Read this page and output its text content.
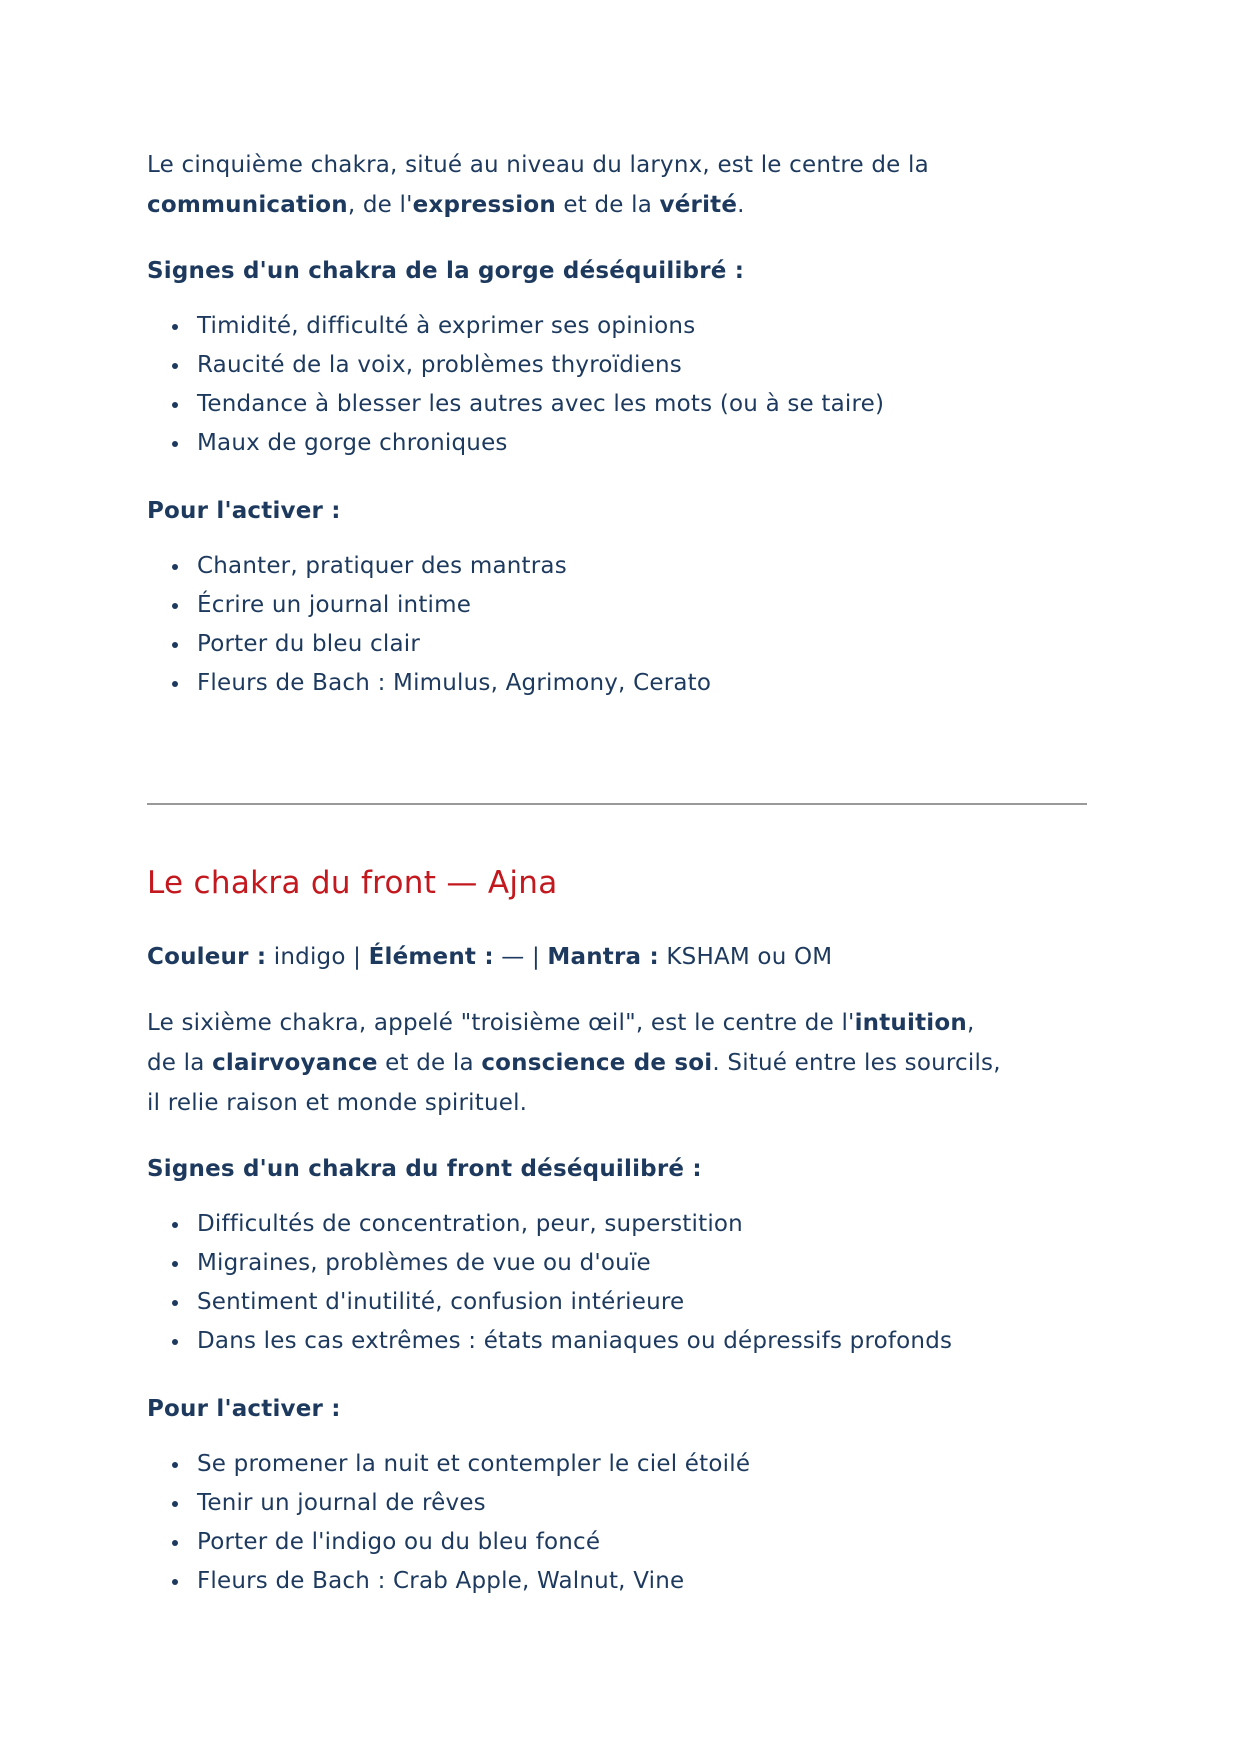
Le cinquième chakra, situé au niveau du larynx, est le centre de la
communication, de l'expression et de la vérité.

Signes d'un chakra de la gorge déséquilibré :
• Timidité, difficulté à exprimer ses opinions
• Raucité de la voix, problèmes thyroïdiens
• Tendance à blesser les autres avec les mots (ou à se taire)
• Maux de gorge chroniques
Pour l'activer :
• Chanter, pratiquer des mantras
• Écrire un journal intime
• Porter du bleu clair
• Fleurs de Bach : Mimulus, Agrimony, Cerato
Le chakra du front — Ajna

Couleur : indigo | Élément : — | Mantra : KSHAM ou OM

Le sixième chakra, appelé "troisième œil", est le centre de l'intuition,
de la clairvoyance et de la conscience de soi. Situé entre les sourcils,
il relie raison et monde spirituel.

Signes d'un chakra du front déséquilibré :
• Difficultés de concentration, peur, superstition
• Migraines, problèmes de vue ou d'ouïe
• Sentiment d'inutilité, confusion intérieure
• Dans les cas extrêmes : états maniaques ou dépressifs profonds
Pour l'activer :
• Se promener la nuit et contempler le ciel étoilé
• Tenir un journal de rêves
• Porter de l'indigo ou du bleu foncé
• Fleurs de Bach : Crab Apple, Walnut, Vine
